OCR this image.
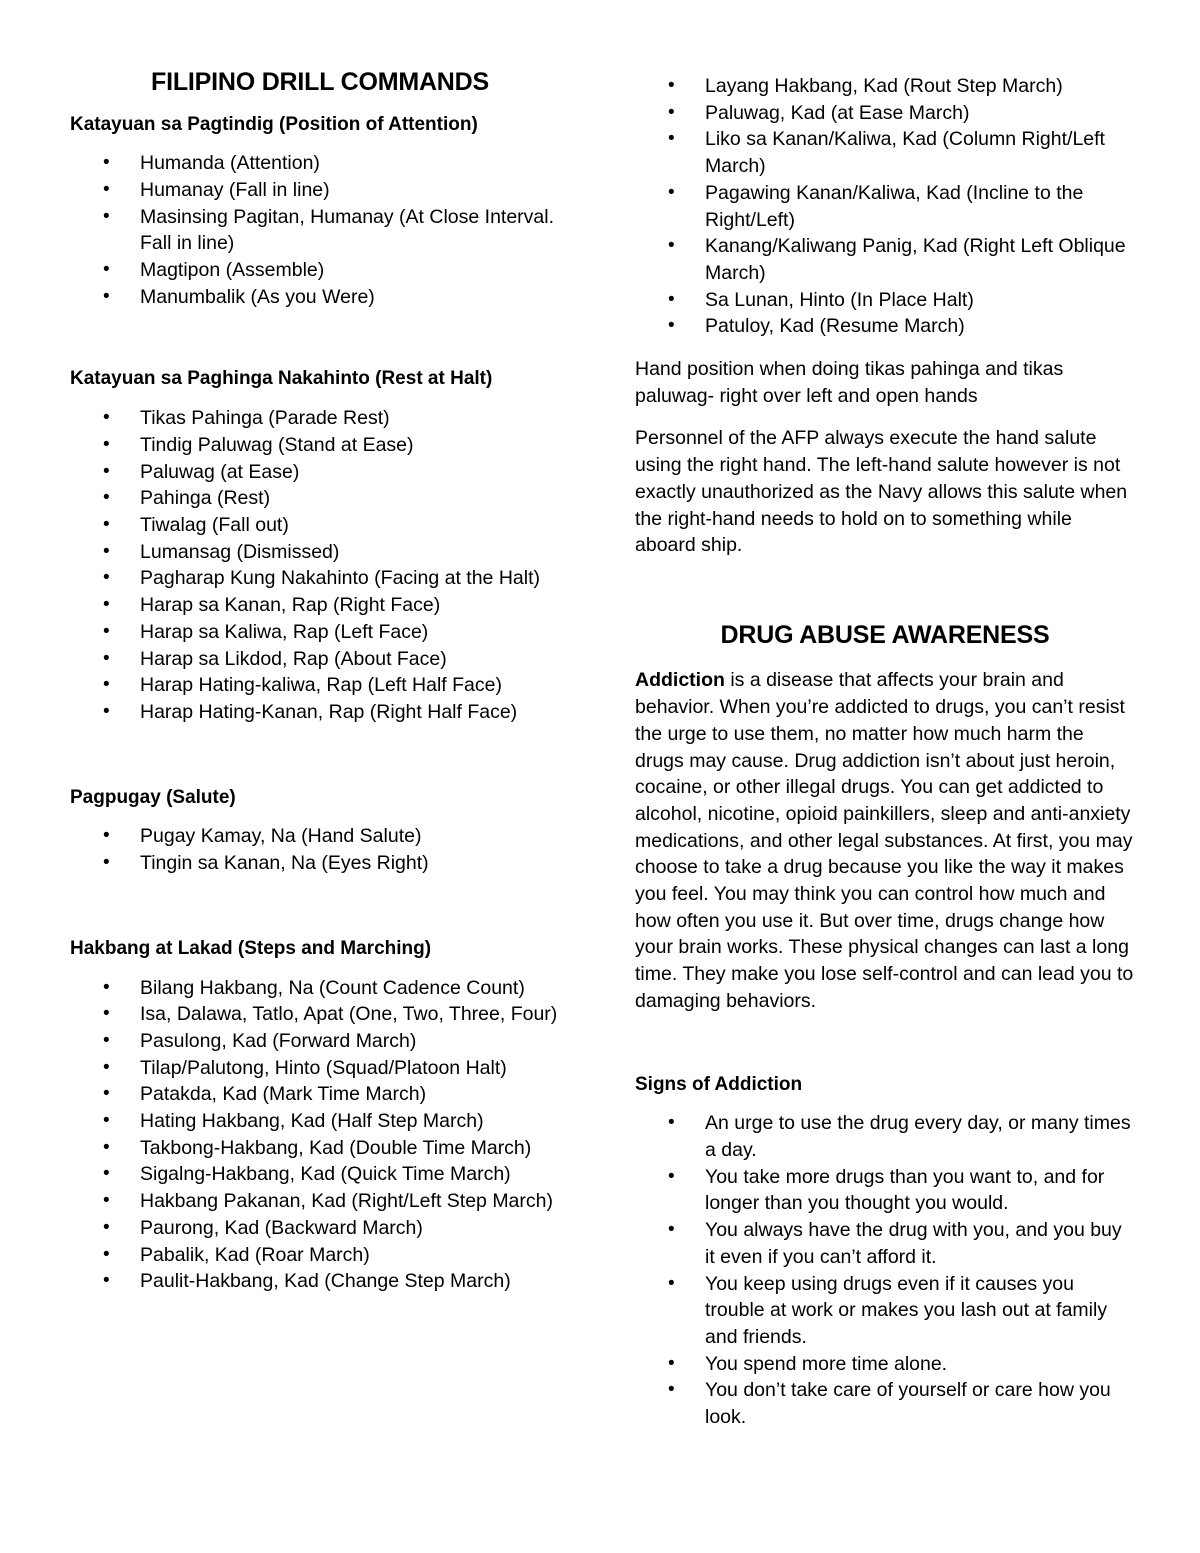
FILIPINO DRILL COMMANDS
Katayuan sa Pagtindig (Position of Attention)
• Humanda (Attention)
• Humanay (Fall in line)
• Masinsing Pagitan, Humanay (At Close Interval. Fall in line)
• Magtipon (Assemble)
• Manumbalik (As you Were)
Katayuan sa Paghinga Nakahinto (Rest at Halt)
• Tikas Pahinga (Parade Rest)
• Tindig Paluwag (Stand at Ease)
• Paluwag (at Ease)
• Pahinga (Rest)
• Tiwalag (Fall out)
• Lumansag (Dismissed)
• Pagharap Kung Nakahinto (Facing at the Halt)
• Harap sa Kanan, Rap (Right Face)
• Harap sa Kaliwa, Rap (Left Face)
• Harap sa Likdod, Rap (About Face)
• Harap Hating-kaliwa, Rap (Left Half Face)
• Harap Hating-Kanan, Rap (Right Half Face)
Pagpugay (Salute)
• Pugay Kamay, Na (Hand Salute)
• Tingin sa Kanan, Na (Eyes Right)
Hakbang at Lakad (Steps and Marching)
• Bilang Hakbang, Na (Count Cadence Count)
• Isa, Dalawa, Tatlo, Apat (One, Two, Three, Four)
• Pasulong, Kad (Forward March)
• Tilap/Palutong, Hinto (Squad/Platoon Halt)
• Patakda, Kad (Mark Time March)
• Hating Hakbang, Kad (Half Step March)
• Takbong-Hakbang, Kad (Double Time March)
• Sigalng-Hakbang, Kad (Quick Time March)
• Hakbang Pakanan, Kad (Right/Left Step March)
• Paurong, Kad (Backward March)
• Pabalik, Kad (Roar March)
• Paulit-Hakbang, Kad (Change Step March)
• Layang Hakbang, Kad (Rout Step March)
• Paluwag, Kad (at Ease March)
• Liko sa Kanan/Kaliwa, Kad (Column Right/Left March)
• Pagawing Kanan/Kaliwa, Kad (Incline to the Right/Left)
• Kanang/Kaliwang Panig, Kad (Right Left Oblique March)
• Sa Lunan, Hinto (In Place Halt)
• Patuloy, Kad (Resume March)

Hand position when doing tikas pahinga and tikas paluwag- right over left and open hands

Personnel of the AFP always execute the hand salute using the right hand. The left-hand salute however is not exactly unauthorized as the Navy allows this salute when the right-hand needs to hold on to something while aboard ship.

DRUG ABUSE AWARENESS

Addiction is a disease that affects your brain and behavior. When you’re addicted to drugs, you can’t resist the urge to use them, no matter how much harm the drugs may cause. Drug addiction isn’t about just heroin, cocaine, or other illegal drugs. You can get addicted to alcohol, nicotine, opioid painkillers, sleep and anti-anxiety medications, and other legal substances. At first, you may choose to take a drug because you like the way it makes you feel. You may think you can control how much and how often you use it. But over time, drugs change how your brain works. These physical changes can last a long time. They make you lose self-control and can lead you to damaging behaviors.

Signs of Addiction
• An urge to use the drug every day, or many times a day.
• You take more drugs than you want to, and for longer than you thought you would.
• You always have the drug with you, and you buy it even if you can’t afford it.
• You keep using drugs even if it causes you trouble at work or makes you lash out at family and friends.
• You spend more time alone.
• You don’t take care of yourself or care how you look.
